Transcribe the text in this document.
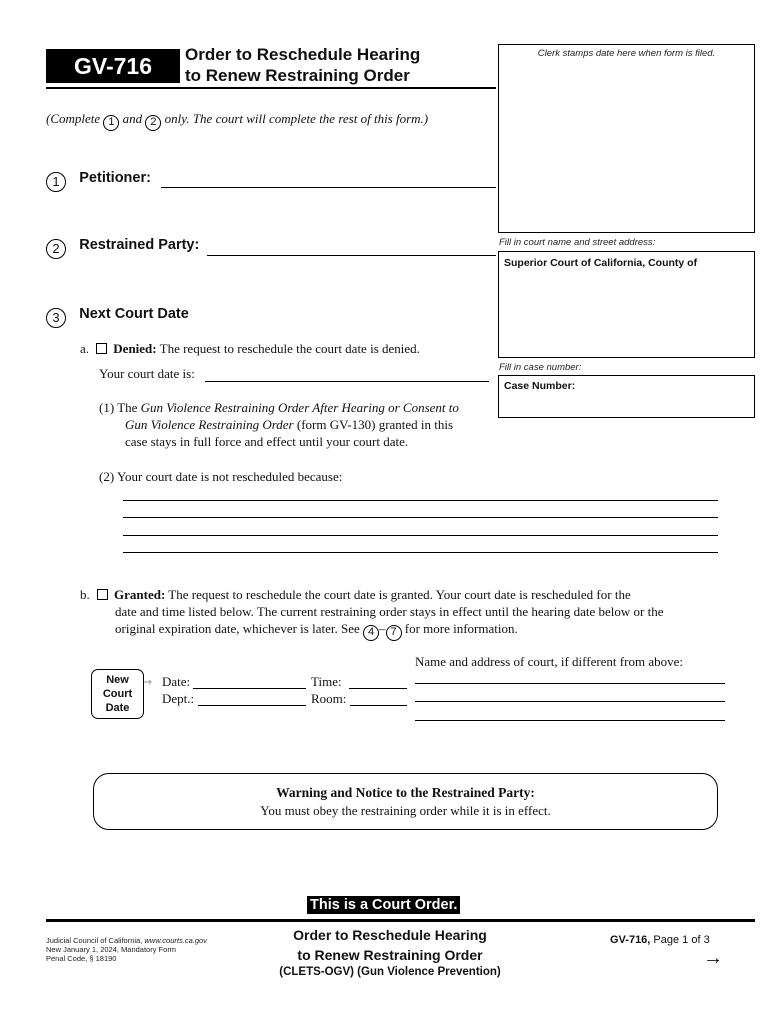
GV-716	Order to Reschedule Hearing
to Renew Restraining Order
Clerk stamps date here when form is filed.
Fill in court name and street address:
Superior Court of California, County of
Fill in case number:
Case Number:
(Complete 1 and 2 only. The court will complete the rest of this form.)
1 Petitioner:
2 Restrained Party:
3 Next Court Date
a. Denied: The request to reschedule the court date is denied.
Your court date is:
(1) The Gun Violence Restraining Order After Hearing or Consent to
Gun Violence Restraining Order (form GV-130) granted in this
case stays in full force and effect until your court date.
(2) Your court date is not rescheduled because:
b. Granted: The request to reschedule the court date is granted. Your court date is rescheduled for the
date and time listed below. The current restraining order stays in effect until the hearing date below or the
original expiration date, whichever is later. See 4 – 7 for more information.
Name and address of court, if different from above:
New
Court
Date
Date:
Dept.:
Time:
Room:
Warning and Notice to the Restrained Party:
You must obey the restraining order while it is in effect.
This is a Court Order.
Judicial Council of California, www.courts.ca.gov
New January 1, 2024, Mandatory Form
Penal Code, § 18190
Order to Reschedule Hearing
to Renew Restraining Order
(CLETS-OGV) (Gun Violence Prevention)
GV-716, Page 1 of 3
→
